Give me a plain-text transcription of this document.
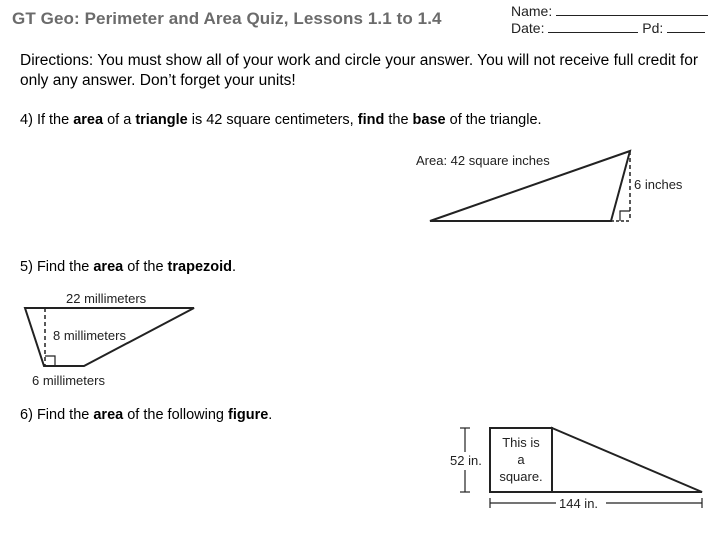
GT Geo: Perimeter and Area Quiz, Lessons 1.1 to 1.4	Name:
Date:	Pd:
Directions: You must show all of your work and circle your answer. You will not receive full credit for only any answer. Don’t forget your units!
4) If the area of a triangle is 42 square centimeters, find the base of the triangle.
Area: 42 square inches
6 inches
5) Find the area of the trapezoid.
22 millimeters
8 millimeters
6 millimeters
6) Find the area of the following figure.
52 in.
This is
a
square.
144 in.
